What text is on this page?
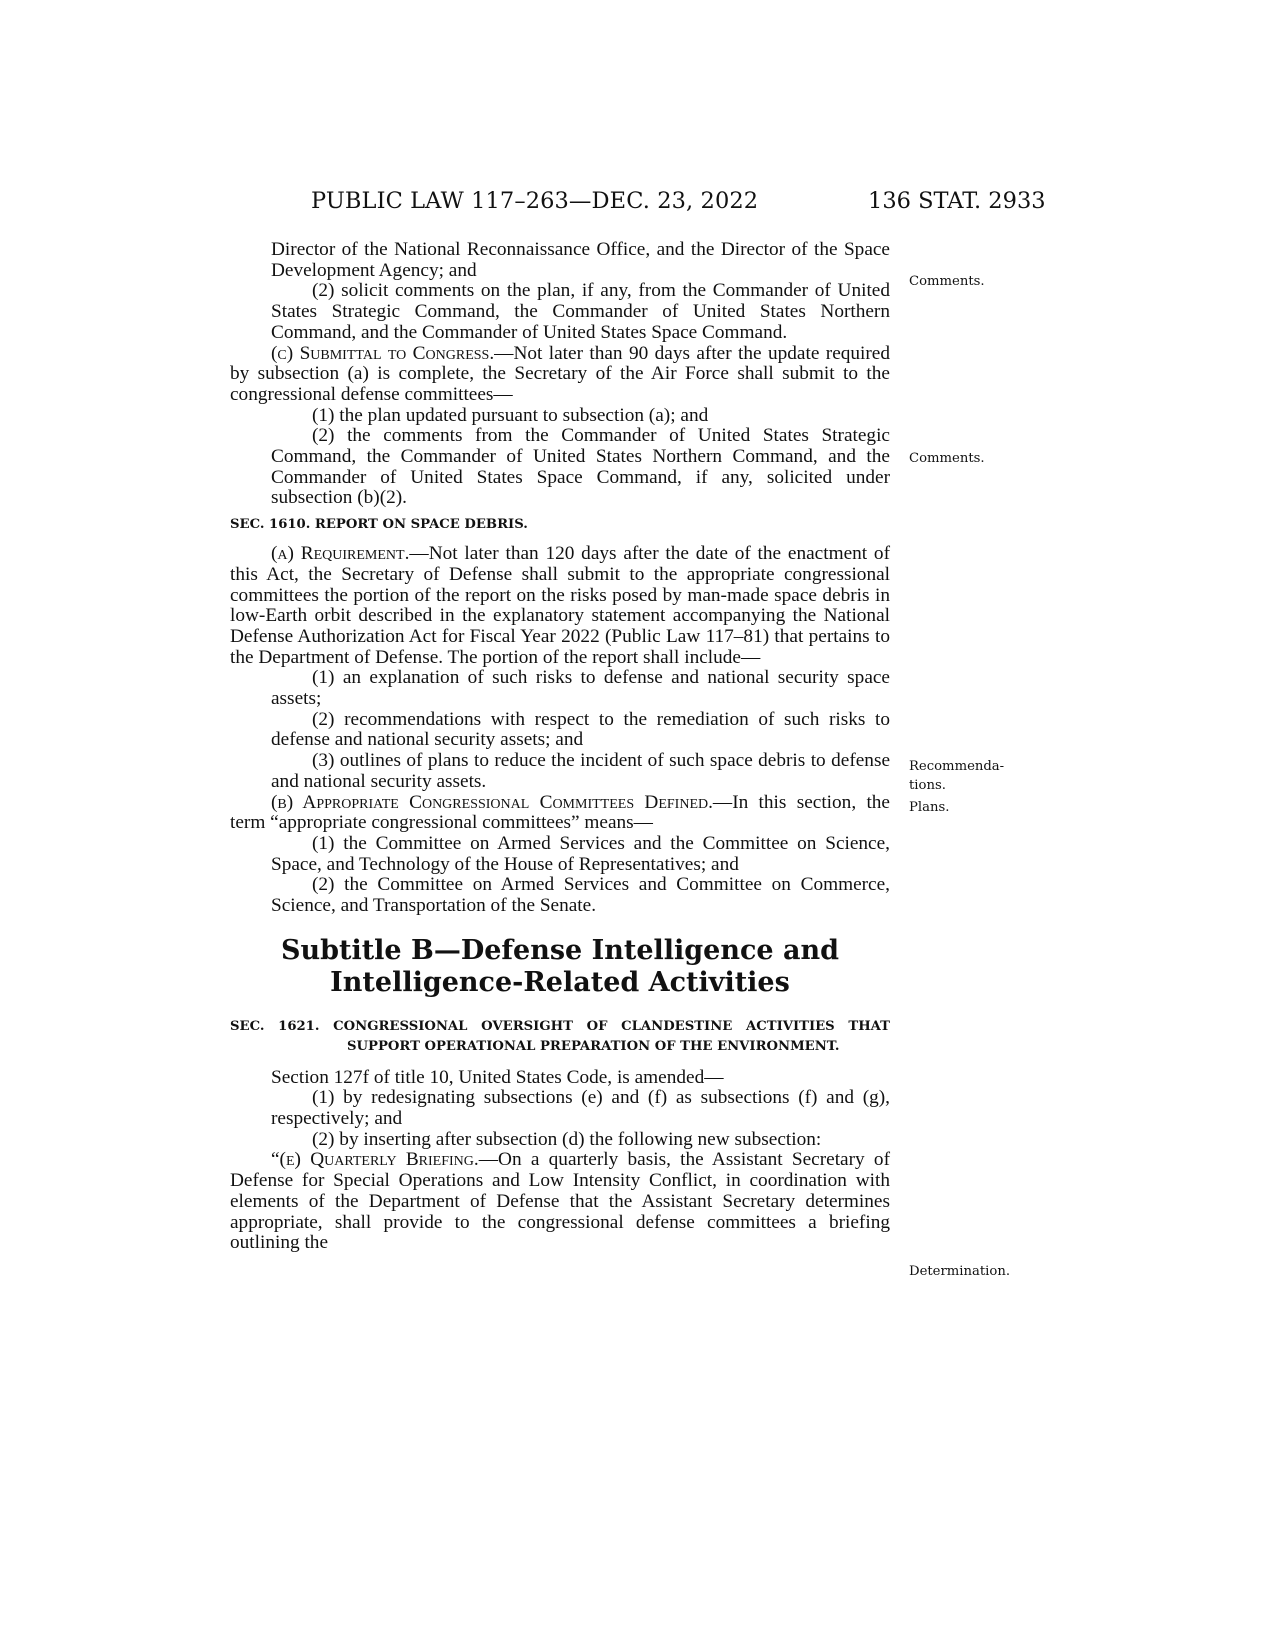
PUBLIC LAW 117–263—DEC. 23, 2022	136 STAT. 2933

Director of the National Reconnaissance Office, and the Director of the Space Development Agency; and

(2) solicit comments on the plan, if any, from the Commander of United States Strategic Command, the Commander of United States Northern Command, and the Commander of United States Space Command.

(c) Submittal to Congress.—Not later than 90 days after the update required by subsection (a) is complete, the Secretary of the Air Force shall submit to the congressional defense committees—

(1) the plan updated pursuant to subsection (a); and

(2) the comments from the Commander of United States Strategic Command, the Commander of United States Northern Command, and the Commander of United States Space Command, if any, solicited under subsection (b)(2).

SEC. 1610. REPORT ON SPACE DEBRIS.

(a) Requirement.—Not later than 120 days after the date of the enactment of this Act, the Secretary of Defense shall submit to the appropriate congressional committees the portion of the report on the risks posed by man-made space debris in low-Earth orbit described in the explanatory statement accompanying the National Defense Authorization Act for Fiscal Year 2022 (Public Law 117–81) that pertains to the Department of Defense. The portion of the report shall include—

(1) an explanation of such risks to defense and national security space assets;

(2) recommendations with respect to the remediation of such risks to defense and national security assets; and

(3) outlines of plans to reduce the incident of such space debris to defense and national security assets.

(b) Appropriate Congressional Committees Defined.—In this section, the term “appropriate congressional committees” means—

(1) the Committee on Armed Services and the Committee on Science, Space, and Technology of the House of Representatives; and

(2) the Committee on Armed Services and Committee on Commerce, Science, and Transportation of the Senate.

Subtitle B—Defense Intelligence and
Intelligence-Related Activities

SEC. 1621. CONGRESSIONAL OVERSIGHT OF CLANDESTINE ACTIVITIES THAT SUPPORT OPERATIONAL PREPARATION OF THE ENVIRONMENT.

Section 127f of title 10, United States Code, is amended—

(1) by redesignating subsections (e) and (f) as subsections (f) and (g), respectively; and

(2) by inserting after subsection (d) the following new subsection:

“(e) Quarterly Briefing.—On a quarterly basis, the Assistant Secretary of Defense for Special Operations and Low Intensity Conflict, in coordination with elements of the Department of Defense that the Assistant Secretary determines appropriate, shall provide to the congressional defense committees a briefing outlining the

Comments.
Comments.
Recommenda-
tions.
Plans.
Determination.
